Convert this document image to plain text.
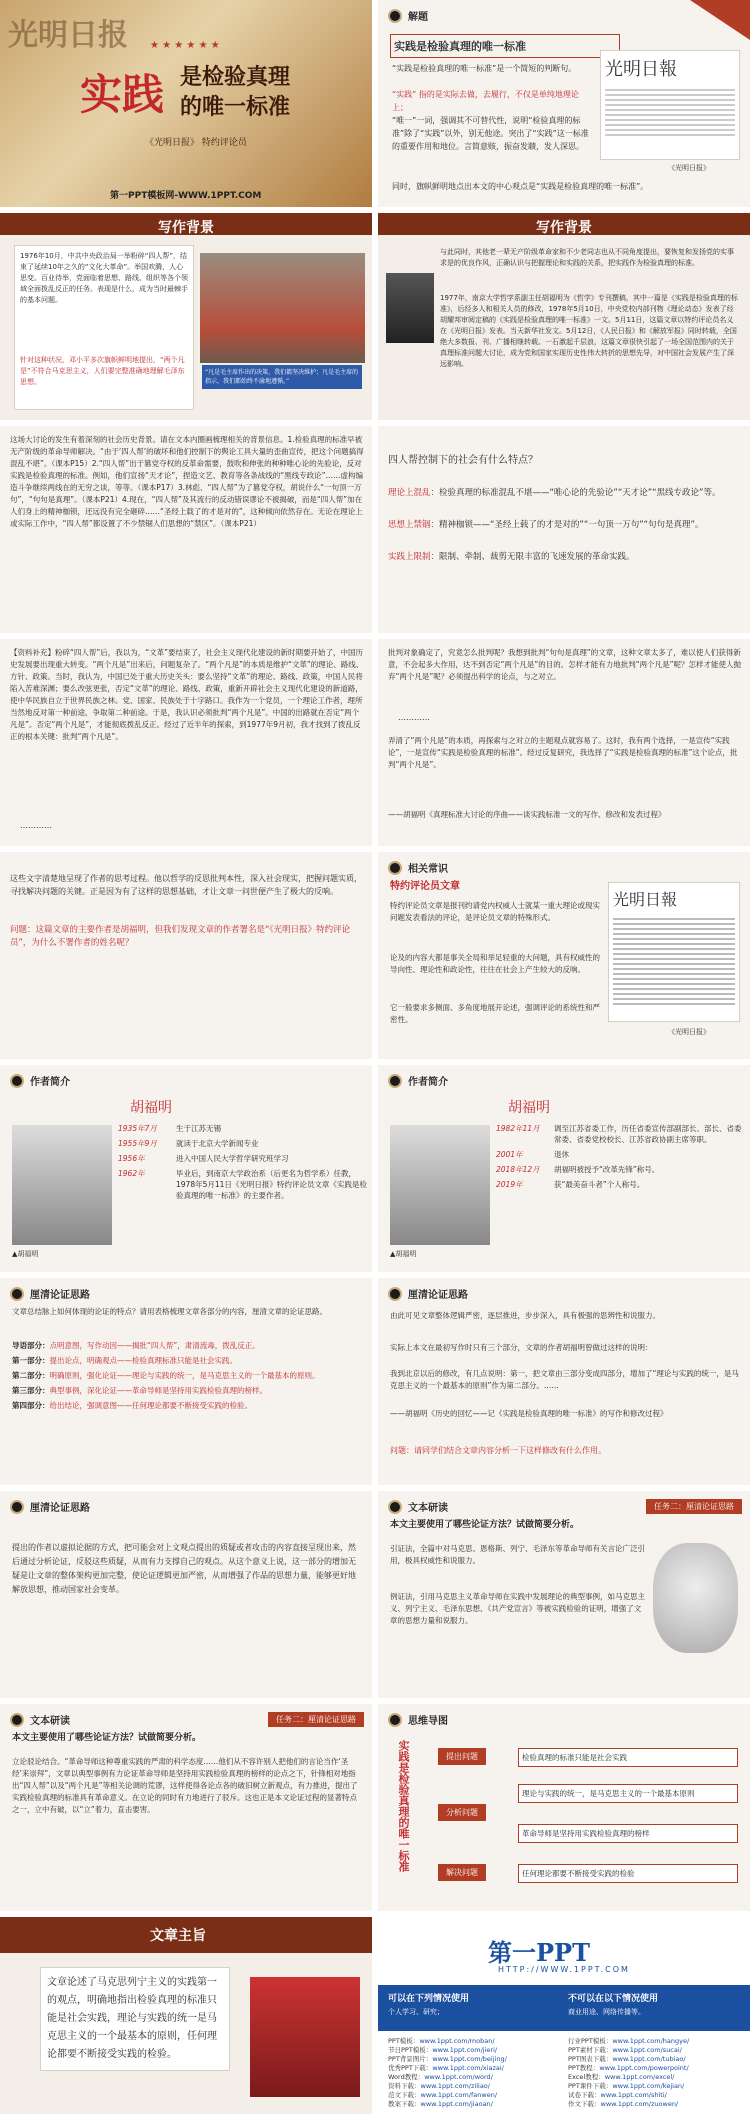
光明日报 ★ ★ ★ ★ ★ ★
实践 是检验真理
的唯一标准
《光明日报》 特约评论员
第一PPT模板网-WWW.1PPT.COM
解题
实践是检验真理的唯一标准
“实践是检验真理的唯一标准”是一个简短的判断句。
“实践” 指的是实际去做，去履行，不仅是单纯地理论上；
“唯一”一词，强调其不可替代性，说明“检验真理的标准”除了“实践”以外，别无他途。突出了“实践”这一标准的重要作用和地位。言简意赅，振奋发聩，发人深思。
同时，旗帜鲜明地点出本文的中心观点是“实践是检验真理的唯一标准”。
光明日報
《光明日报》
写作背景
1976年10月，中共中央政治局一举粉碎“四人帮”，结束了延续10年之久的“文化大革命”。举国欢腾，人心思变。百业待举，党面临着思想、路线、组织等各个领域全面拨乱反正的任务。表现是什么，成为当时最棘手的基本问题。
针对这种状况，邓小平多次旗帜鲜明地提出，“两个凡是”不符合马克思主义，人们要完整准确地理解毛泽东思想。
“凡是毛主席作出的决策，我们都坚决维护；凡是毛主席的指示，我们都始终不渝地遵循。”
写作背景
与此同时，其他老一辈无产阶级革命家和不少老同志也从不同角度提出，要恢复和发扬党的实事求是的优良作风，正确认识与把握理论和实践的关系，把实践作为检验真理的标准。
1977年，南京大学哲学系副主任胡福明为《哲学》专刊撰稿，其中一篇是《实践是检验真理的标准》，后经多人和相关人员的修改，1978年5月10日，中央党校内部刊物《理论动态》发表了经胡耀邦审阅定稿的《实践是检验真理的唯一标准》一文。5月11日，这篇文章以特约评论员名义在《光明日报》发表。当天新华社发文。5月12日，《人民日报》和《解放军报》同时转载，全国绝大多数报、刊、广播相继转载。一石激起千层浪，这篇文章很快引起了一场全国范围内的关于真理标准问题大讨论，成为党和国家实现历史性伟大转折的思想先导，对中国社会发展产生了深远影响。
这场大讨论的发生有着深刻的社会历史背景。请在文本内圈画梳理相关的背景信息。1.检验真理的标准早被无产阶级的革命导师解决。“由于‘四人帮’的破坏和他们控制下的舆论工具大量的歪曲宣传，把这个问题搞得混乱不堪”。（课本P15）2.“四人帮”出于篡党夺权的反革命需要，鼓吹和伸张的种种唯心论的先验论，反对实践是检验真理的标准。例如，他们宣扬“天才论”，捏造文艺、教育等各条战线的“黑线专政论”……虚构编造斗争继续两线在的无穷之谈，等等。（课本P17）3.林彪、“四人帮”为了篡党夺权，胡说什么“一句顶一万句”，“句句是真理”。（课本P21）4.现在，“四人帮”及其流行的反动错误谬论不被揭破，而是“四人帮”加在人们身上的精神枷锁，还远没有完全砸碎……“圣经上载了的才是对的”，这种倾向依然存在。无论在理论上或实际工作中，“四人帮”都设置了不少禁锢人们思想的“禁区”。（课本P21）
四人帮控制下的社会有什么特点？
理论上混乱：检验真理的标准混乱不堪——“唯心论的先验论”“天才论”“黑线专政论”等。
思想上禁锢：精神枷锁——“圣经上载了的才是对的”“一句顶一万句”“句句是真理”。
实践上限制：限制、牵制、裁剪无限丰富的飞速发展的革命实践。
【资料补充】粉碎“四人帮”后，我以为，“文革”要结束了，社会主义现代化建设的新时期要开始了，中国历史发展要出现重大转变。“两个凡是”出来后，问题复杂了。“两个凡是”的本质是维护“文革”的理论、路线、方针、政策。当时，我认为，中国已处于重大历史关头：要么坚持“文革”的理论、路线、政策，中国人民将陷入苦难深渊；要么改弦更张，否定“文革”的理论、路线、政策，重新开辟社会主义现代化建设的新道路，使中华民族自立于世界民族之林。党、国家、民族处于十字路口。我作为一个党员，一个理论工作者，理所当然地反对第一种前途，争取第二种前途。于是，我认识必须批判“两个凡是”。中国的出路就在否定“两个凡是”。否定“两个凡是”，才能彻底拨乱反正。经过了近半年的探索，到1977年9月初，我才找到了拨乱反正的根本关键：批判“两个凡是”。
…………
批判对象确定了，究竟怎么批判呢？我想到批判“句句是真理”的文章，这种文章太多了，难以使人们获得新意，不会起多大作用，达不到否定“两个凡是”的目的。怎样才能有力地批判“两个凡是”呢？怎样才能使人抛弃“两个凡是”呢？必须提出科学的论点，与之对立。
…………
弄清了“两个凡是”的本质，再探索与之对立的主题观点就容易了。这时，我有两个选择，一是宣传“实践论”，一是宣传“实践是检验真理的标准”。经过反复研究，我选择了“实践是检验真理的标准”这个论点，批判“两个凡是”。
——胡福明《真理标准大讨论的序曲——谈实践标准一文的写作、修改和发表过程》
这些文字清楚地呈现了作者的思考过程。他以哲学的反思批判本性，深入社会现实，把握问题实质，寻找解决问题的关键。正是因为有了这样的思想基础，才让文章一问世便产生了极大的反响。
问题：这篇文章的主要作者是胡福明，但我们发现文章的作者署名是“《光明日报》特约评论员”，为什么不署作者的姓名呢？
相关常识
特约评论员文章
特约评论员文章是报刊约请党内权威人士就某一重大理论或现实问题发表看法的评论，是评论员文章的特殊形式。
论及的内容大都是事关全局和举足轻重的大问题，具有权威性的导向性、理论性和政论性，往往在社会上产生较大的反响。
它一般要求多侧面、多角度地展开论述，强调评论的系统性和严密性。
光明日報
《光明日报》
作者简介
▲胡福明
胡福明
1935年7月	生于江苏无锡
1955年9月	就读于北京大学新闻专业
1956年	进入中国人民大学哲学研究班学习
1962年	毕业后，到南京大学政治系（后更名为哲学系）任教，1978年5月11日《光明日报》特约评论员文章《实践是检验真理的唯一标准》的主要作者。
作者简介
▲胡福明
胡福明
1982年11月	调至江苏省委工作，历任省委宣传部副部长、部长、省委常委、省委党校校长、江苏省政协副主席等职。
2001年	退休
2018年12月	胡福明被授予“改革先锋”称号。
2019年	获“最美奋斗者”个人称号。
厘清论证思路
文章总结脉上如何体现的论证的特点？请用表格梳理文章各部分的内容，厘清文章的论证思路。
导语部分：点明意图，写作动因——揭批“四人帮”，肃清流毒，拨乱反正。
第一部分：提出论点，明确观点——检验真理标准只能是社会实践。
第二部分：明确原则，强化论证——理论与实践的统一，是马克思主义的一个最基本的原则。
第三部分：典型事例，深化论证——革命导师是坚持用实践检验真理的榜样。
第四部分：给出结论，强调意图——任何理论都要不断接受实践的检验。
厘清论证思路
由此可见文章整体逻辑严密，逐层推进，步步深入，具有极强的思辨性和说服力。
实际上本文在最初写作时只有三个部分，文章的作者胡福明曾做过这样的说明：
我到北京以后的修改，有几点说明：第一，把文章由三部分变成四部分，增加了“理论与实践的统一，是马克思主义的一个最基本的原则”作为第二部分。……
——胡福明《历史的回忆——记《实践是检验真理的唯一标准》的写作和修改过程》
问题：请同学们结合文章内容分析一下这样修改有什么作用。
厘清论证思路
提出的作者以虚拟论据的方式，把可能会对上文观点提出的质疑或者攻击的内容直接呈现出来，然后通过分析论证，反驳这些质疑，从而有力支撑自己的观点。从这个意义上说，这一部分的增加无疑是让文章的整体架构更加完整，使论证逻辑更加严密，从而增强了作品的思想力量，能够更好地解放思想，推动国家社会变革。
文本研读	任务二：厘清论证思路
本文主要使用了哪些论证方法？试做简要分析。
引证法，全篇中对马克思、恩格斯、列宁、毛泽东等革命导师有关言论广泛引用，极具权威性和说服力。
例证法，引用马克思主义革命导师在实践中发展理论的典型事例，如马克思主义、列宁主义、毛泽东思想、《共产党宣言》等被实践检验的证明，增强了文章的思想力量和说服力。
文本研读	任务二：厘清论证思路
本文主要使用了哪些论证方法？试做简要分析。
立论驳论结合。“革命导师这种尊重实践的严肃的科学态度……他们从不容许别人把他们的言论当作‘圣经’来崇拜”，文章以典型事例有力论证革命导师是坚持用实践检验真理的榜样的论点之下，针锋相对地指出“四人帮”以及“两个凡是”等相关论调的荒谬，这样使得各论点各的破旧树立新观点，有力推进，提出了实践检验真理的标准具有革命意义。在立论的同时有力地进行了驳斥。这也正是本文论证过程的显著特点之一，立中有破，以“立”着力，直击要害。
思维导图
实践是检验真理的唯一标准	提出问题
分析问题
解决问题
检验真理的标准只能是社会实践
理论与实践的统一，是马克思主义的一个最基本原则
革命导师是坚持用实践检验真理的榜样
任何理论都要不断接受实践的检验
文章主旨
文章论述了马克思列宁主义的实践第一的观点，明确地指出检验真理的标准只能是社会实践，理论与实践的统一是马克思主义的一个最基本的原则，任何理论都要不断接受实践的检验。
第一PPT
HTTP://WWW.1PPT.COM
可以在下列情况使用
个人学习、研究；
不可以在以下情况使用
商业用途、网络传播等。
PPT模板：www.1ppt.com/moban/
节日PPT模板：www.1ppt.com/jieri/
PPT背景图片：www.1ppt.com/beijing/
优秀PPT下载：www.1ppt.com/xiazai/
Word教程：www.1ppt.com/word/
资料下载：www.1ppt.com/ziliao/
范文下载：www.1ppt.com/fanwen/
教案下载：www.1ppt.com/jiaoan/
行业PPT模板：www.1ppt.com/hangye/
PPT素材下载：www.1ppt.com/sucai/
PPT图表下载：www.1ppt.com/tubiao/
PPT教程：www.1ppt.com/powerpoint/
Excel教程：www.1ppt.com/excel/
PPT课件下载：www.1ppt.com/kejian/
试卷下载：www.1ppt.com/shiti/
作文下载：www.1ppt.com/zuowen/
